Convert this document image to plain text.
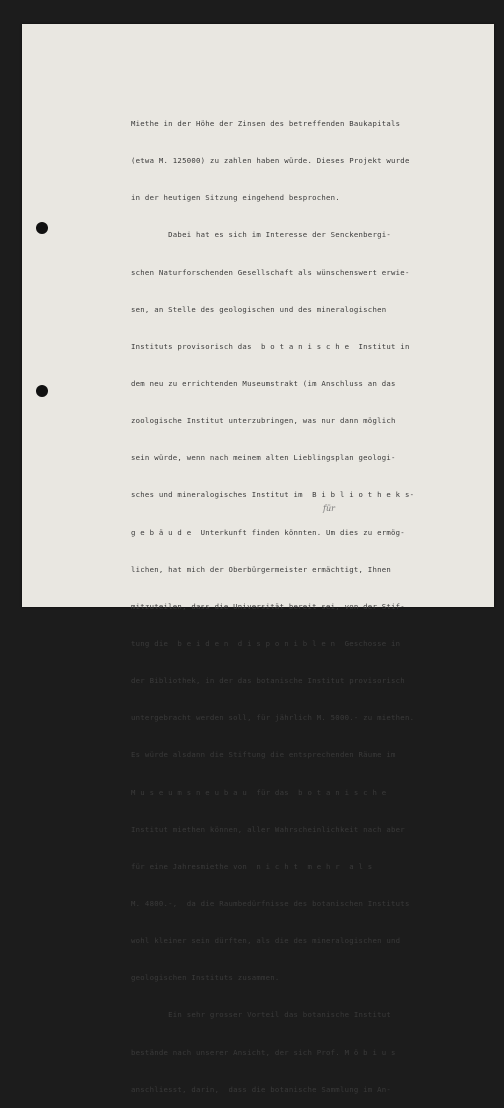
Miethe in der Höhe der Zinsen des betreffenden Baukapitals

(etwa M. 125000) zu zahlen haben würde. Dieses Projekt wurde

in der heutigen Sitzung eingehend besprochen.

Dabei hat es sich im Interesse der Senckenbergi-

schen Naturforschenden Gesellschaft als wünschenswert erwie-

sen, an Stelle des geologischen und des mineralogischen

Instituts provisorisch das  b o t a n i s c h e  Institut in

dem neu zu errichtenden Museumstrakt (im Anschluss an das

zoologische Institut unterzubringen, was nur dann möglich

sein würde, wenn nach meinem alten Lieblingsplan geologi-

sches und mineralogisches Institut im  B i b l i o t h e k s-

g e b ä u d e  Unterkunft finden könnten. Um dies zu ermög-

lichen, hat mich der Oberbürgermeister ermächtigt, Ihnen

mitzuteilen, dass die Universität bereit sei, von der Stif-

tung die  b e i d e n  d i s p o n i b l e n  Geschosse in

der Bibliothek, in der das botanische Institut provisorisch

untergebracht werden soll, für jährlich M. 5000.- zu miethen.

Es würde alsdann die Stiftung die entsprechenden Räume im

M u s e u m s n e u b a u  für das  b o t a n i s c h e

Institut miethen können, aller Wahrscheinlichkeit nach aber

für eine Jahresmiethe von  n i c h t  m e h r  a l s

M. 4800.-,  da die Raumbedürfnisse des botanischen Instituts

wohl kleiner sein dürften, als die des mineralogischen und

geologischen Instituts zusammen.

Ein sehr grosser Vorteil das botanische Institut

bestände nach unserer Ansicht, der sich Prof. M ö b i u s

anschliesst, darin,  dass die botanische Sammlung im An-

für
